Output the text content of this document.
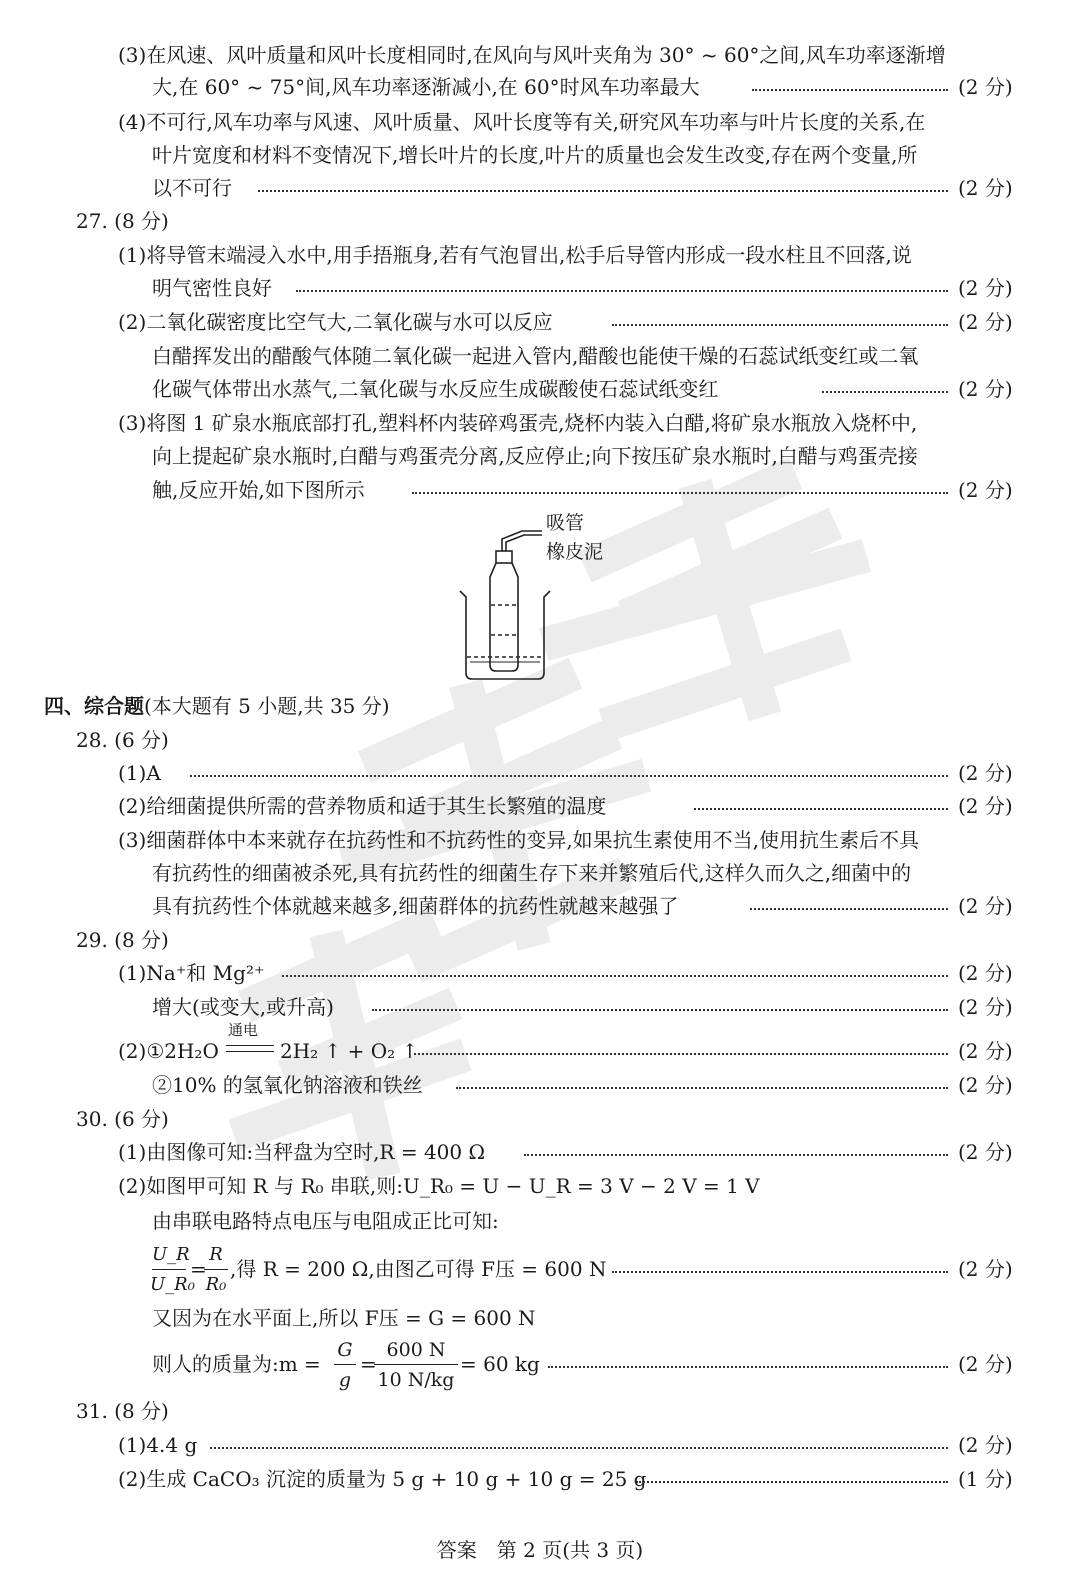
(3)在风速、风叶质量和风叶长度相同时,在风向与风叶夹角为 30° ~ 60°之间,风车功率逐渐增
大,在 60° ~ 75°间,风车功率逐渐减小,在 60°时风车功率最大	(2 分)
(4)不可行,风车功率与风速、风叶质量、风叶长度等有关,研究风车功率与叶片长度的关系,在
叶片宽度和材料不变情况下,增长叶片的长度,叶片的质量也会发生改变,存在两个变量,所
以不可行	(2 分)
27. (8 分)
(1)将导管末端浸入水中,用手捂瓶身,若有气泡冒出,松手后导管内形成一段水柱且不回落,说
明气密性良好	(2 分)
(2)二氧化碳密度比空气大,二氧化碳与水可以反应	(2 分)
白醋挥发出的醋酸气体随二氧化碳一起进入管内,醋酸也能使干燥的石蕊试纸变红或二氧
化碳气体带出水蒸气,二氧化碳与水反应生成碳酸使石蕊试纸变红	(2 分)
(3)将图 1 矿泉水瓶底部打孔,塑料杯内装碎鸡蛋壳,烧杯内装入白醋,将矿泉水瓶放入烧杯中,
向上提起矿泉水瓶时,白醋与鸡蛋壳分离,反应停止;向下按压矿泉水瓶时,白醋与鸡蛋壳接
触,反应开始,如下图所示	(2 分)
吸管
橡皮泥
四、综合题(本大题有 5 小题,共 35 分)
28. (6 分)
(1)A	(2 分)
(2)给细菌提供所需的营养物质和适于其生长繁殖的温度	(2 分)
(3)细菌群体中本来就存在抗药性和不抗药性的变异,如果抗生素使用不当,使用抗生素后不具
有抗药性的细菌被杀死,具有抗药性的细菌生存下来并繁殖后代,这样久而久之,细菌中的
具有抗药性个体就越来越多,细菌群体的抗药性就越来越强了	(2 分)
29. (8 分)
(1)Na⁺和 Mg²⁺	(2 分)
增大(或变大,或升高)	(2 分)
(2)①2H₂O
通电
2H₂ ↑ + O₂ ↑	(2 分)
②10% 的氢氧化钠溶液和铁丝	(2 分)
30. (6 分)
(1)由图像可知:当秤盘为空时,R = 400 Ω	(2 分)
(2)如图甲可知 R 与 R₀ 串联,则:U_R₀ = U − U_R = 3 V − 2 V = 1 V
由串联电路特点电压与电阻成正比可知:
U_R
U_R₀
=
R
R₀
,得 R = 200 Ω,由图乙可得 F压 = 600 N	(2 分)
又因为在水平面上,所以 F压 = G = 600 N
则人的质量为:m =
G
g
=
600 N
10 N/kg
= 60 kg	(2 分)
31. (8 分)
(1)4.4 g	(2 分)
(2)生成 CaCO₃ 沉淀的质量为 5 g + 10 g + 10 g = 25 g	(1 分)
答案　第 2 页(共 3 页)
